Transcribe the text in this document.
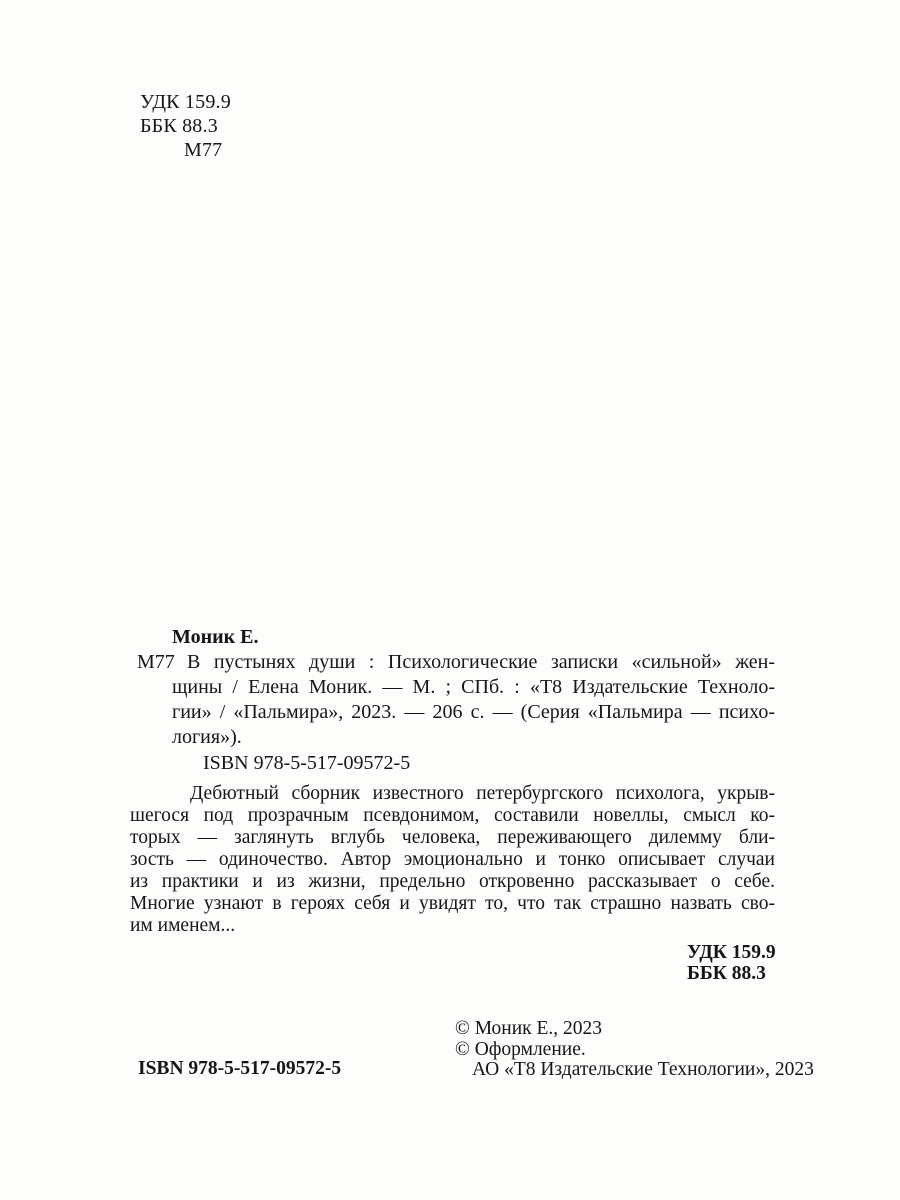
УДК 159.9
ББК 88.3
М77
Моник Е.
М77 В пустынях души : Психологические записки «сильной» жен-
щины / Елена Моник. — М. ; СПб. : «Т8 Издательские Техноло-
гии» / «Пальмира», 2023. — 206 с. — (Серия «Пальмира — психо-
логия»).
ISBN 978-5-517-09572-5
Дебютный сборник известного петербургского психолога, укрыв-
шегося под прозрачным псевдонимом, составили новеллы, смысл ко-
торых — заглянуть вглубь человека, переживающего дилемму бли-
зость — одиночество. Автор эмоционально и тонко описывает случаи
из практики и из жизни, предельно откровенно рассказывает о себе.
Многие узнают в героях себя и увидят то, что так страшно назвать сво-
им именем...
УДК 159.9
ББК 88.3
© Моник Е., 2023
© Оформление.
АО «Т8 Издательские Технологии», 2023
ISBN 978-5-517-09572-5
